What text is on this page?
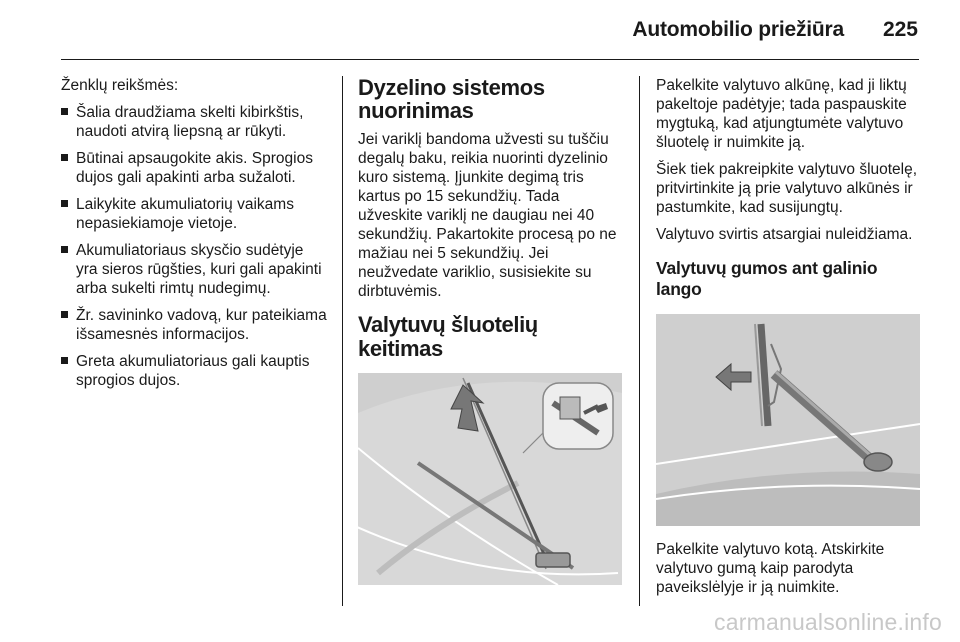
Automobilio priežiūra 225

Ženklų reikšmės:

Šalia draudžiama skelti kibirkštis, naudoti atvirą liepsną ar rūkyti.
Būtinai apsaugokite akis. Sprogios dujos gali apakinti arba sužaloti.
Laikykite akumuliatorių vaikams nepasiekiamoje vietoje.
Akumuliatoriaus skysčio sudėtyje yra sieros rūgšties, kuri gali apakinti arba sukelti rimtų nudegimų.
Žr. savininko vadovą, kur pateikiama išsamesnės informacijos.
Greta akumuliatoriaus gali kauptis sprogios dujos.
Dyzelino sistemos nuorinimas

Jei variklį bandoma užvesti su tuščiu degalų baku, reikia nuorinti dyzelinio kuro sistemą. Įjunkite degimą tris kartus po 15 sekundžių. Tada užveskite variklį ne daugiau nei 40 sekundžių. Pakartokite procesą po ne mažiau nei 5 sekundžių. Jei neužvedate variklio, susisiekite su dirbtuvėmis.

Valytuvų šluotelių keitimas

Pakelkite valytuvo alkūnę, kad ji liktų pakeltoje padėtyje; tada paspauskite mygtuką, kad atjungtumėte valytuvo šluotelę ir nuimkite ją.

Šiek tiek pakreipkite valytuvo šluotelę, pritvirtinkite ją prie valytuvo alkūnės ir pastumkite, kad susijungtų.

Valytuvo svirtis atsargiai nuleidžiama.

Valytuvų gumos ant galinio lango

Pakelkite valytuvo kotą. Atskirkite valytuvo gumą kaip parodyta paveikslėlyje ir ją nuimkite.

carmanualsonline.info
